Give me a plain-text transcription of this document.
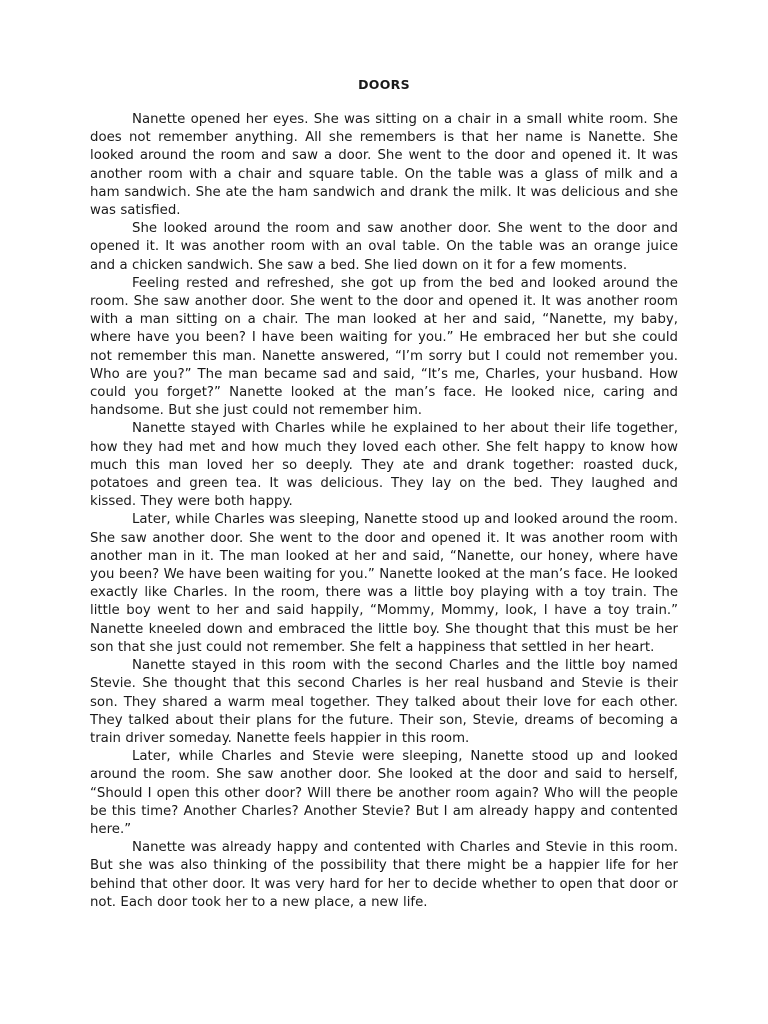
DOORS

Nanette opened her eyes. She was sitting on a chair in a small white room. She does not remember anything. All she remembers is that her name is Nanette. She looked around the room and saw a door. She went to the door and opened it. It was another room with a chair and square table. On the table was a glass of milk and a ham sandwich. She ate the ham sandwich and drank the milk. It was delicious and she was satisfied.

She looked around the room and saw another door. She went to the door and opened it. It was another room with an oval table. On the table was an orange juice and a chicken sandwich. She saw a bed. She lied down on it for a few moments.

Feeling rested and refreshed, she got up from the bed and looked around the room. She saw another door. She went to the door and opened it. It was another room with a man sitting on a chair. The man looked at her and said, “Nanette, my baby, where have you been? I have been waiting for you.” He embraced her but she could not remember this man. Nanette answered, “I’m sorry but I could not remember you. Who are you?” The man became sad and said, “It’s me, Charles, your husband. How could you forget?” Nanette looked at the man’s face. He looked nice, caring and handsome. But she just could not remember him.

Nanette stayed with Charles while he explained to her about their life together, how they had met and how much they loved each other. She felt happy to know how much this man loved her so deeply. They ate and drank together: roasted duck, potatoes and green tea. It was delicious. They lay on the bed. They laughed and kissed. They were both happy.

Later, while Charles was sleeping, Nanette stood up and looked around the room. She saw another door. She went to the door and opened it. It was another room with another man in it. The man looked at her and said, “Nanette, our honey, where have you been? We have been waiting for you.” Nanette looked at the man’s face. He looked exactly like Charles. In the room, there was a little boy playing with a toy train. The little boy went to her and said happily, “Mommy, Mommy, look, I have a toy train.” Nanette kneeled down and embraced the little boy. She thought that this must be her son that she just could not remember. She felt a happiness that settled in her heart.

Nanette stayed in this room with the second Charles and the little boy named Stevie. She thought that this second Charles is her real husband and Stevie is their son. They shared a warm meal together. They talked about their love for each other. They talked about their plans for the future. Their son, Stevie, dreams of becoming a train driver someday. Nanette feels happier in this room.

Later, while Charles and Stevie were sleeping, Nanette stood up and looked around the room. She saw another door. She looked at the door and said to herself, “Should I open this other door? Will there be another room again? Who will the people be this time? Another Charles? Another Stevie? But I am already happy and contented here.”

Nanette was already happy and contented with Charles and Stevie in this room. But she was also thinking of the possibility that there might be a happier life for her behind that other door. It was very hard for her to decide whether to open that door or not. Each door took her to a new place, a new life.
